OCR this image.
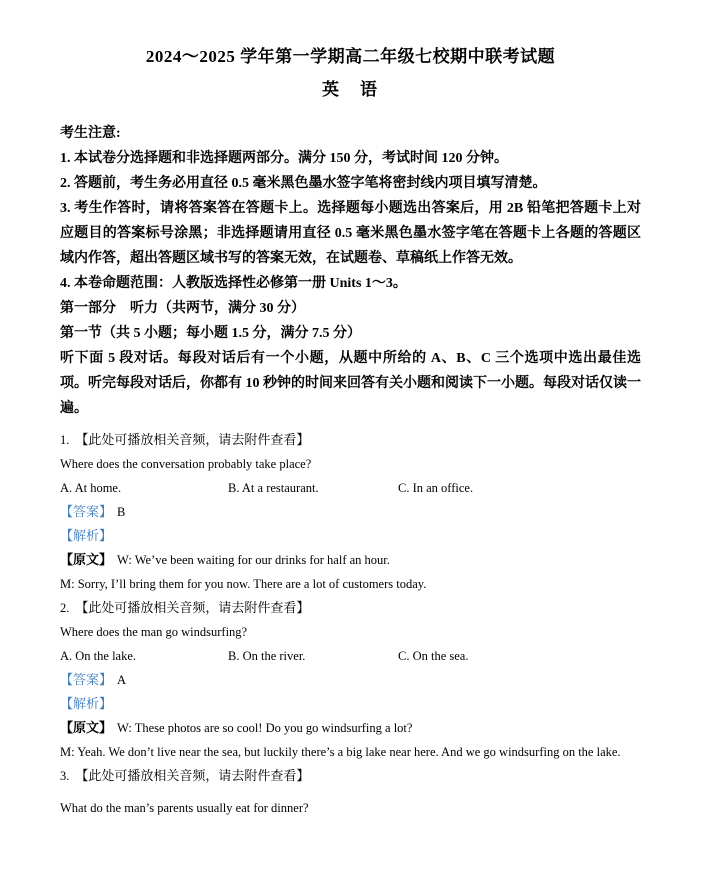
2024～2025 学年第一学期高二年级七校期中联考试题
英　语

考生注意:

1. 本试卷分选择题和非选择题两部分。满分 150 分，考试时间 120 分钟。

2. 答题前，考生务必用直径 0.5 毫米黑色墨水签字笔将密封线内项目填写清楚。

3. 考生作答时，请将答案答在答题卡上。选择题每小题选出答案后，用 2B 铅笔把答题卡上对应题目的答案标号涂黑；非选择题请用直径 0.5 毫米黑色墨水签字笔在答题卡上各题的答题区域内作答，超出答题区域书写的答案无效，在试题卷、草稿纸上作答无效。

4. 本卷命题范围：人教版选择性必修第一册 Units 1～3。

第一部分　听力（共两节，满分 30 分）

第一节（共 5 小题；每小题 1.5 分，满分 7.5 分）

听下面 5 段对话。每段对话后有一个小题，从题中所给的 A、B、C 三个选项中选出最佳选项。听完每段对话后，你都有 10 秒钟的时间来回答有关小题和阅读下一小题。每段对话仅读一遍。

1. 【此处可播放相关音频，请去附件查看】

Where does the conversation probably take place?

A. At home.	B. At a restaurant.	C. In an office.

【答案】 B

【解析】

【原文】 W: We’ve been waiting for our drinks for half an hour.

M: Sorry, I’ll bring them for you now. There are a lot of customers today.

2. 【此处可播放相关音频，请去附件查看】

Where does the man go windsurfing?

A. On the lake.	B. On the river.	C. On the sea.

【答案】 A

【解析】

【原文】 W: These photos are so cool! Do you go windsurfing a lot?

M: Yeah. We don’t live near the sea, but luckily there’s a big lake near here. And we go windsurfing on the lake.

3. 【此处可播放相关音频，请去附件查看】

What do the man’s parents usually eat for dinner?
